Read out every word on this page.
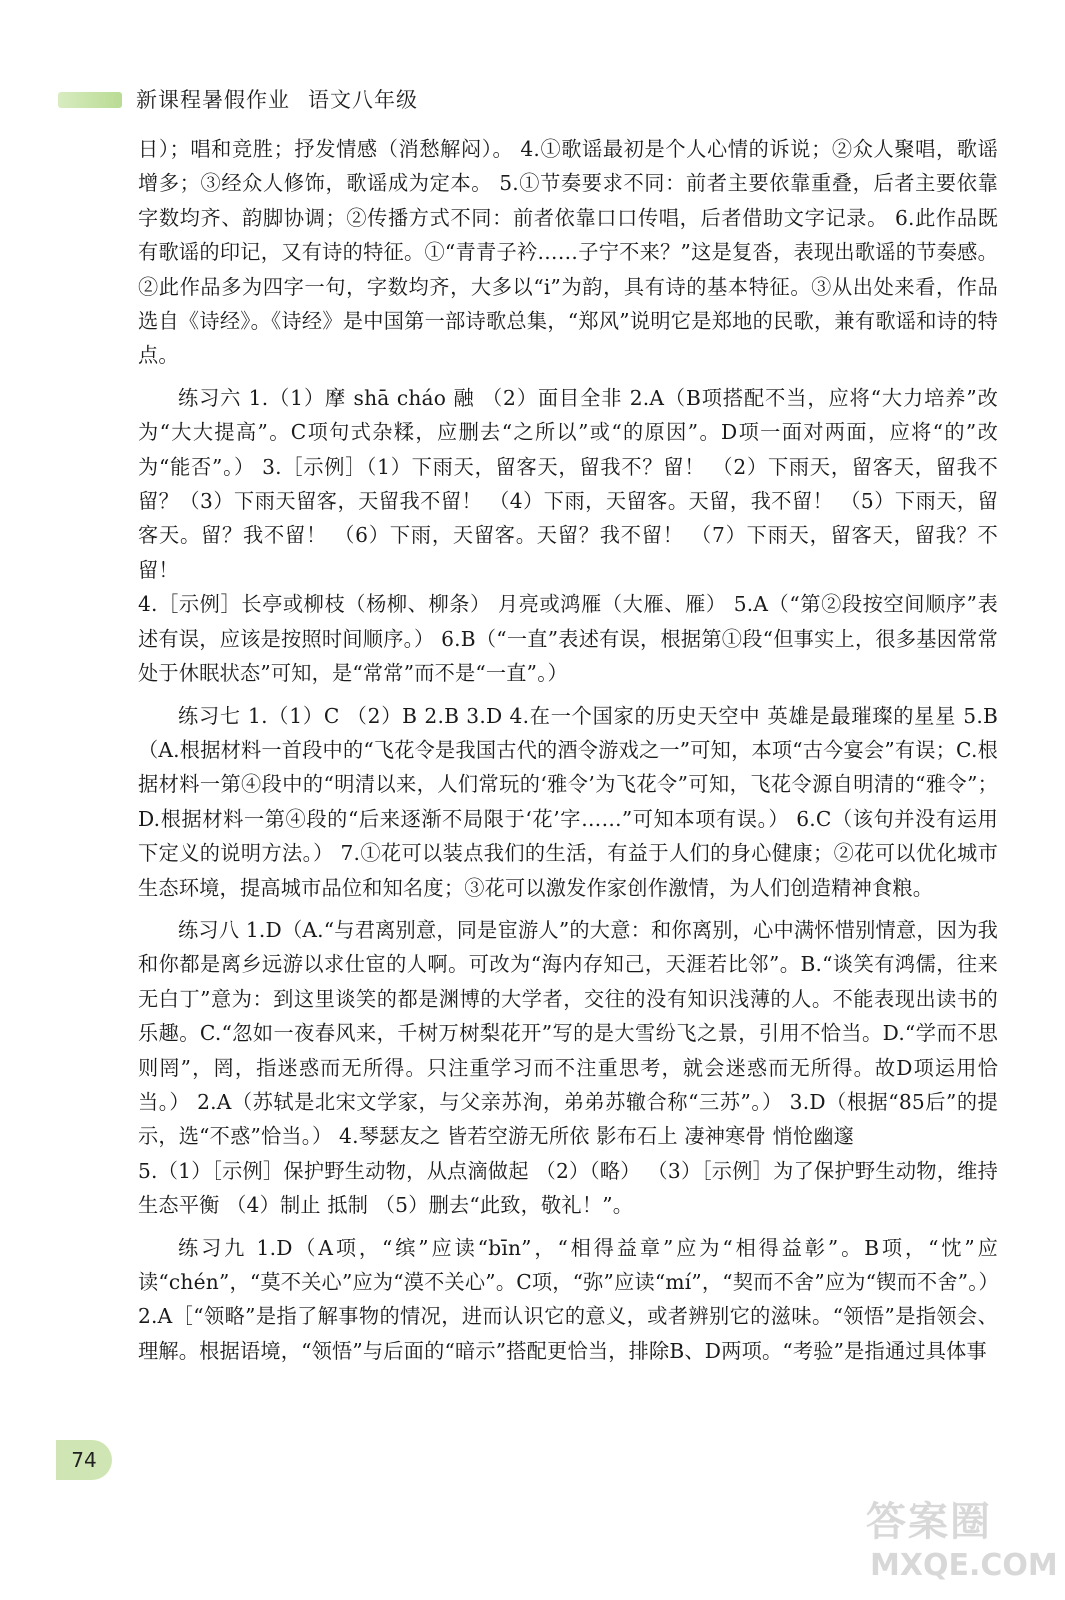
新课程暑假作业 语文八年级

日）；唱和竞胜；抒发情感（消愁解闷）。 4.①歌谣最初是个人心情的诉说；②众人聚唱，歌谣增多；③经众人修饰，歌谣成为定本。 5.①节奏要求不同：前者主要依靠重叠，后者主要依靠字数均齐、韵脚协调；②传播方式不同：前者依靠口口传唱，后者借助文字记录。 6.此作品既有歌谣的印记，又有诗的特征。①“青青子衿……子宁不来？”这是复沓，表现出歌谣的节奏感。②此作品多为四字一句，字数均齐，大多以“i”为韵，具有诗的基本特征。③从出处来看，作品选自《诗经》。《诗经》是中国第一部诗歌总集，“郑风”说明它是郑地的民歌，兼有歌谣和诗的特点。

练习六 1.（1）摩 shā cháo 融 （2）面目全非 2.A（B项搭配不当，应将“大力培养”改为“大大提高”。C项句式杂糅，应删去“之所以”或“的原因”。D项一面对两面，应将“的”改为“能否”。） 3.［示例］（1）下雨天，留客天，留我不？留！ （2）下雨天，留客天，留我不留？（3）下雨天留客，天留我不留！ （4）下雨，天留客。天留，我不留！ （5）下雨天，留客天。留？我不留！ （6）下雨，天留客。天留？我不留！ （7）下雨天，留客天，留我？不留！

4.［示例］长亭或柳枝（杨柳、柳条） 月亮或鸿雁（大雁、雁） 5.A（“第②段按空间顺序”表述有误，应该是按照时间顺序。） 6.B（“一直”表述有误，根据第①段“但事实上，很多基因常常处于休眠状态”可知，是“常常”而不是“一直”。）

练习七 1.（1）C （2）B 2.B 3.D 4.在一个国家的历史天空中 英雄是最璀璨的星星 5.B（A.根据材料一首段中的“飞花令是我国古代的酒令游戏之一”可知，本项“古今宴会”有误；C.根据材料一第④段中的“明清以来，人们常玩的‘雅令’为飞花令”可知，飞花令源自明清的“雅令”；D.根据材料一第④段的“后来逐渐不局限于‘花’字……”可知本项有误。） 6.C（该句并没有运用下定义的说明方法。） 7.①花可以装点我们的生活，有益于人们的身心健康；②花可以优化城市生态环境，提高城市品位和知名度；③花可以激发作家创作激情，为人们创造精神食粮。

练习八 1.D（A.“与君离别意，同是宦游人”的大意：和你离别，心中满怀惜别情意，因为我和你都是离乡远游以求仕宦的人啊。可改为“海内存知己，天涯若比邻”。B.“谈笑有鸿儒，往来无白丁”意为：到这里谈笑的都是渊博的大学者，交往的没有知识浅薄的人。不能表现出读书的乐趣。C.“忽如一夜春风来，千树万树梨花开”写的是大雪纷飞之景，引用不恰当。D.“学而不思则罔”，罔，指迷惑而无所得。只注重学习而不注重思考，就会迷惑而无所得。故D项运用恰当。） 2.A（苏轼是北宋文学家，与父亲苏洵，弟弟苏辙合称“三苏”。） 3.D（根据“85后”的提示，选“不惑”恰当。） 4.琴瑟友之 皆若空游无所依 影布石上 凄神寒骨 悄怆幽邃

5.（1）［示例］保护野生动物，从点滴做起 （2）（略） （3）［示例］为了保护野生动物，维持生态平衡 （4）制止 抵制 （5）删去“此致，敬礼！”。

练习九 1.D（A项，“缤”应读“bīn”，“相得益章”应为“相得益彰”。B项，“忱”应读“chén”，“莫不关心”应为“漠不关心”。C项，“弥”应读“mí”，“契而不舍”应为“锲而不舍”。）

2.A［“领略”是指了解事物的情况，进而认识它的意义，或者辨别它的滋味。“领悟”是指领会、理解。根据语境，“领悟”与后面的“暗示”搭配更恰当，排除B、D两项。“考验”是指通过具体事

74
答案圈
MXQE.COM
